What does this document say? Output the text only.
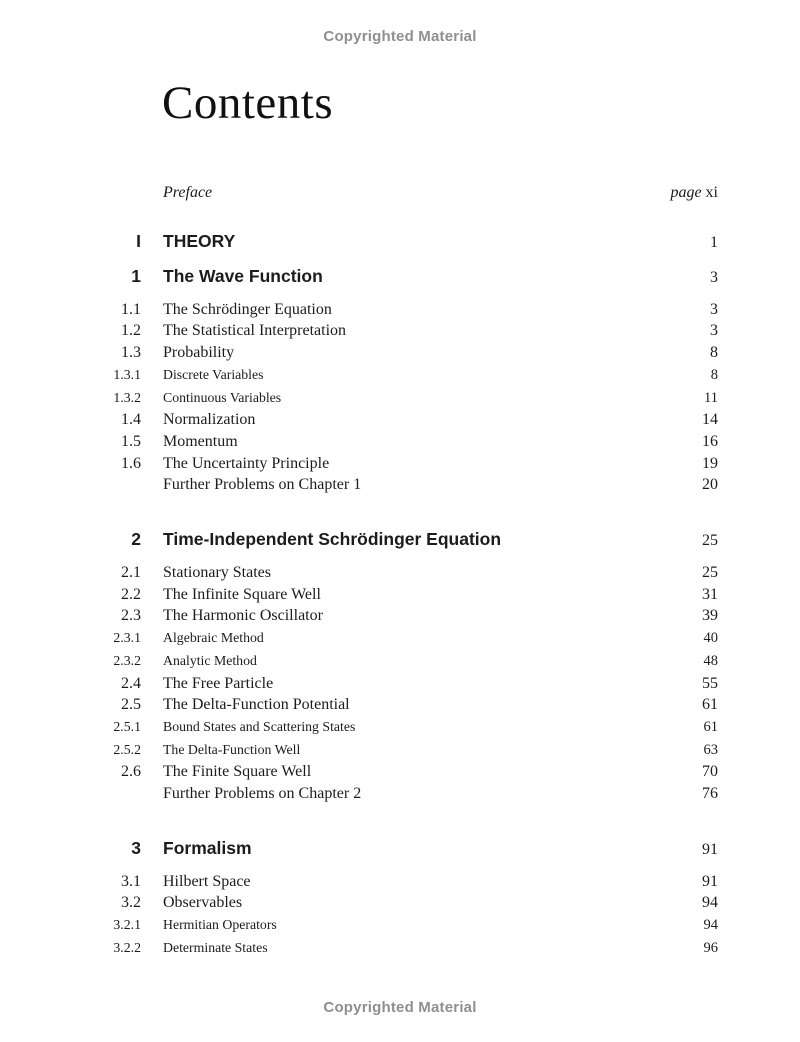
Copyrighted Material
Contents
Preface	page xi
I	THEORY	1
1	The Wave Function	3
1.1	The Schrödinger Equation	3
1.2	The Statistical Interpretation	3
1.3	Probability	8
1.3.1	Discrete Variables	8
1.3.2	Continuous Variables	11
1.4	Normalization	14
1.5	Momentum	16
1.6	The Uncertainty Principle	19
Further Problems on Chapter 1	20
2	Time-Independent Schrödinger Equation	25
2.1	Stationary States	25
2.2	The Infinite Square Well	31
2.3	The Harmonic Oscillator	39
2.3.1	Algebraic Method	40
2.3.2	Analytic Method	48
2.4	The Free Particle	55
2.5	The Delta-Function Potential	61
2.5.1	Bound States and Scattering States	61
2.5.2	The Delta-Function Well	63
2.6	The Finite Square Well	70
Further Problems on Chapter 2	76
3	Formalism	91
3.1	Hilbert Space	91
3.2	Observables	94
3.2.1	Hermitian Operators	94
3.2.2	Determinate States	96
Copyrighted Material
